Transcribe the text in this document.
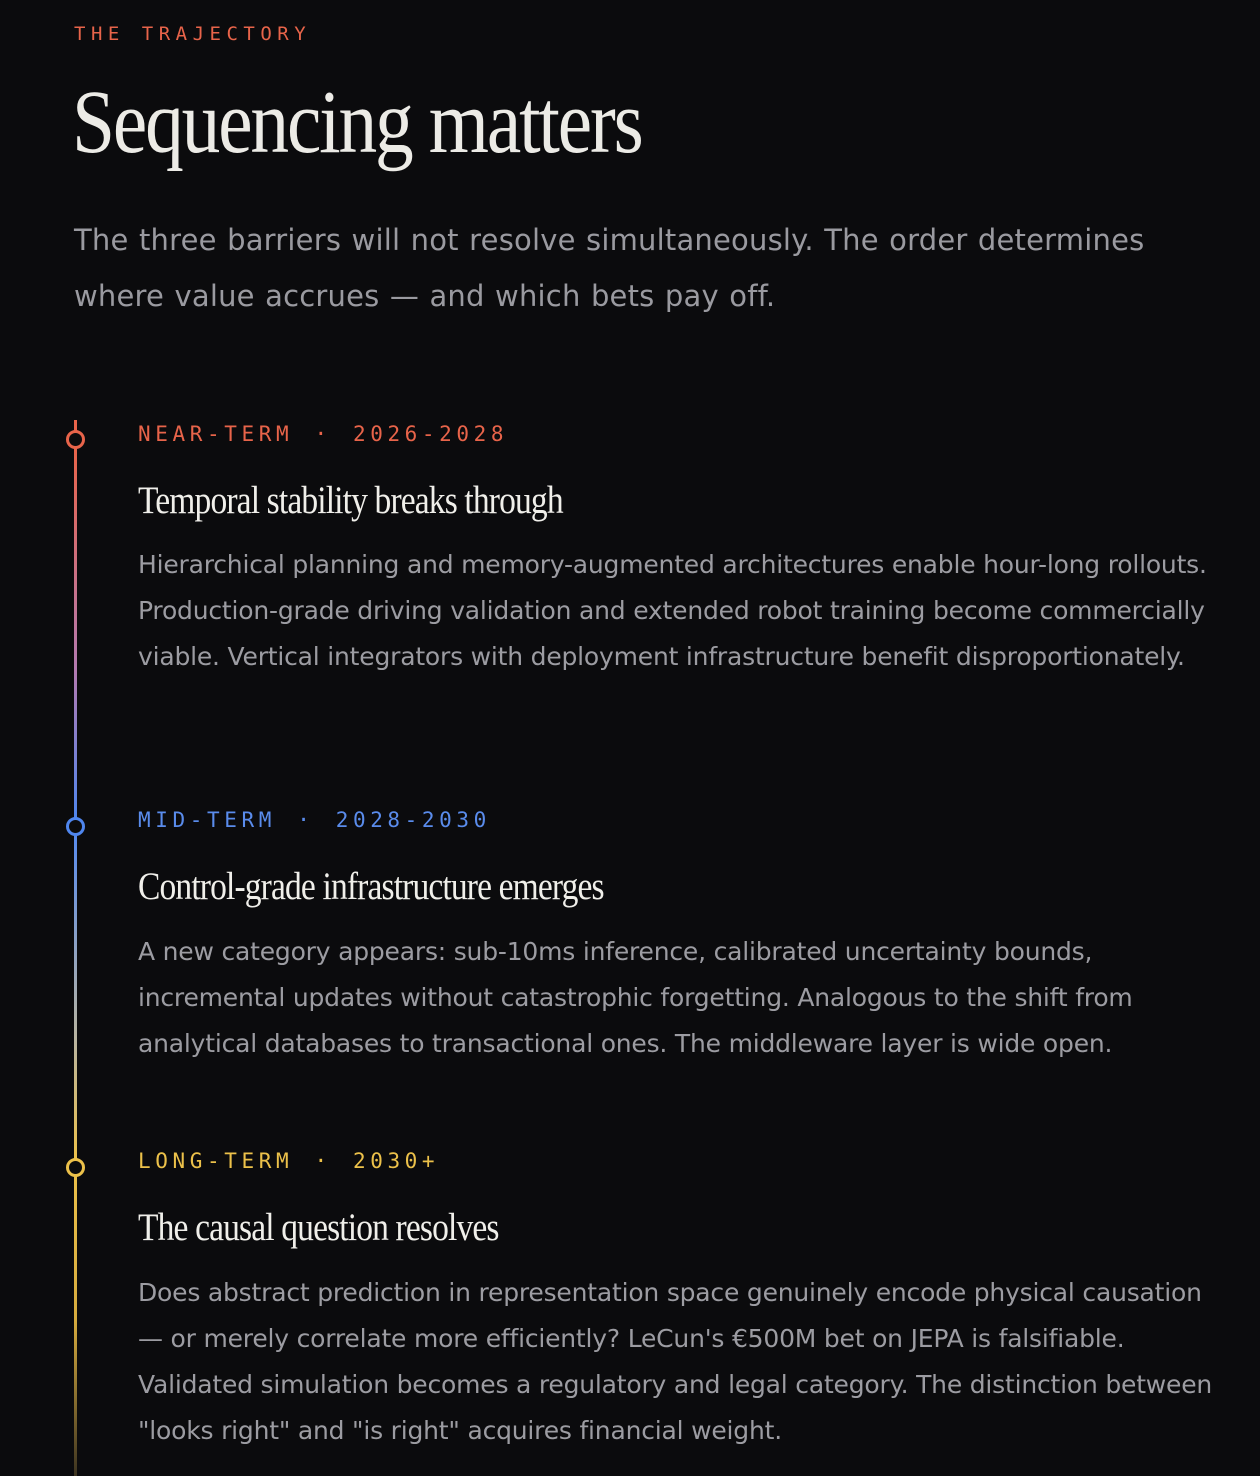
THE TRAJECTORY
Sequencing matters

The three barriers will not resolve simultaneously. The order determines where value accrues — and which bets pay off.

NEAR-TERM · 2026-2028

Temporal stability breaks through

Hierarchical planning and memory-augmented architectures enable hour-long rollouts. Production-grade driving validation and extended robot training become commercially viable. Vertical integrators with deployment infrastructure benefit disproportionately.

MID-TERM · 2028-2030

Control-grade infrastructure emerges

A new category appears: sub-10ms inference, calibrated uncertainty bounds, incremental updates without catastrophic forgetting. Analogous to the shift from analytical databases to transactional ones. The middleware layer is wide open.

LONG-TERM · 2030+

The causal question resolves

Does abstract prediction in representation space genuinely encode physical causation — or merely correlate more efficiently? LeCun's €500M bet on JEPA is falsifiable. Validated simulation becomes a regulatory and legal category. The distinction between "looks right" and "is right" acquires financial weight.
